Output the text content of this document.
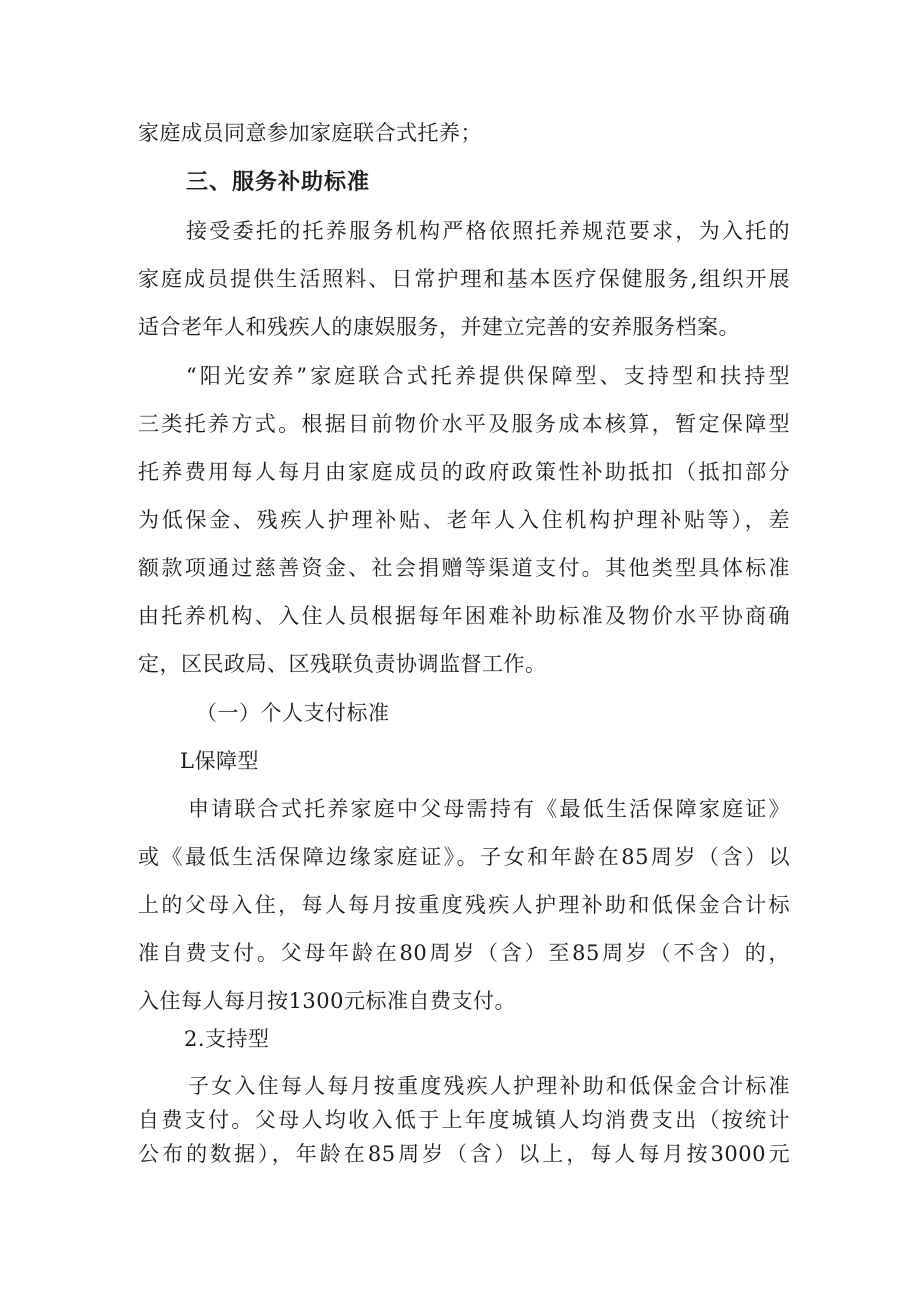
家庭成员同意参加家庭联合式托养；
三、服务补助标准
接受委托的托养服务机构严格依照托养规范要求，为入托的
家庭成员提供生活照料、日常护理和基本医疗保健服务,组织开展
适合老年人和残疾人的康娱服务，并建立完善的安养服务档案。
“阳光安养”家庭联合式托养提供保障型、支持型和扶持型
三类托养方式。根据目前物价水平及服务成本核算，暂定保障型
托养费用每人每月由家庭成员的政府政策性补助抵扣（抵扣部分
为低保金、残疾人护理补贴、老年人入住机构护理补贴等），差
额款项通过慈善资金、社会捐赠等渠道支付。其他类型具体标准
由托养机构、入住人员根据每年困难补助标准及物价水平协商确
定，区民政局、区残联负责协调监督工作。
（一）个人支付标准
L保障型
申请联合式托养家庭中父母需持有《最低生活保障家庭证》
或《最低生活保障边缘家庭证》。子女和年龄在85周岁（含）以
上的父母入住，每人每月按重度残疾人护理补助和低保金合计标
准自费支付。父母年龄在80周岁（含）至85周岁（不含）的，
入住每人每月按1300元标准自费支付。
2.支持型
子女入住每人每月按重度残疾人护理补助和低保金合计标准
自费支付。父母人均收入低于上年度城镇人均消费支出（按统计
公布的数据），年龄在85周岁（含）以上，每人每月按3000元
